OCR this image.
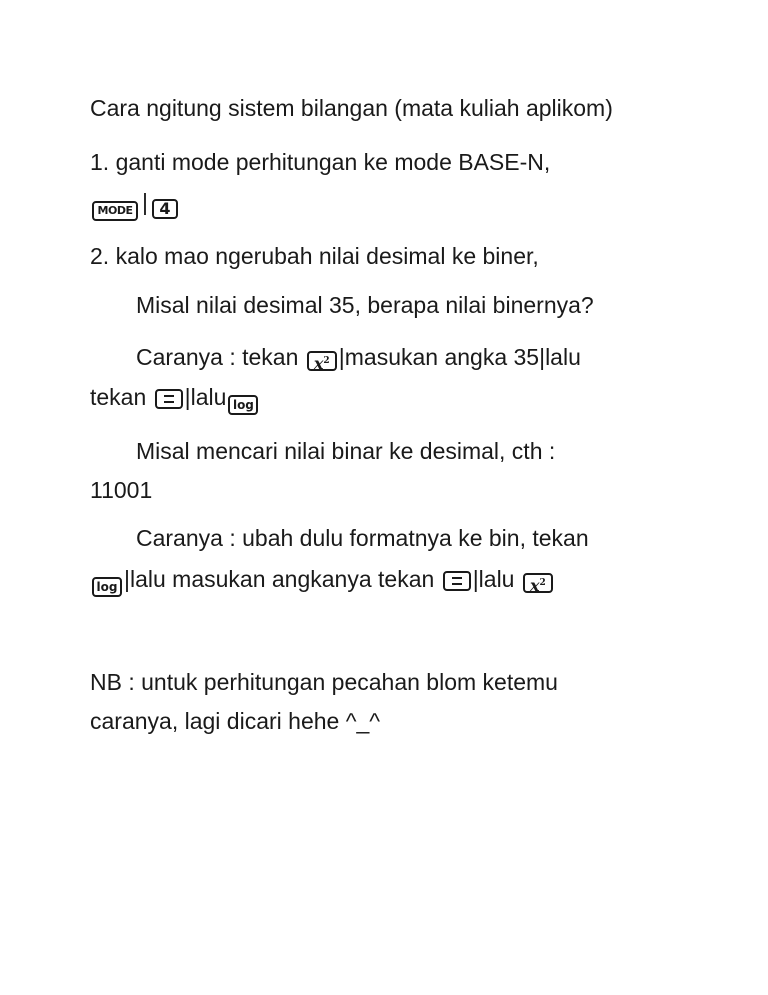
Cara ngitung sistem bilangan (mata kuliah aplikom)
1. ganti mode perhitungan ke mode BASE-N,
MODE | 4
2. kalo mao ngerubah nilai desimal ke biner,
Misal nilai desimal 35, berapa nilai binernya?
Caranya : tekan $x^2$ |masukan angka 35|lalu
tekan |lalu log
Misal mencari nilai binar ke desimal, cth :
11001
Caranya : ubah dulu formatnya ke bin, tekan
log |lalu masukan angkanya tekan |lalu $x^2$
NB : untuk perhitungan pecahan blom ketemu
caranya, lagi dicari hehe ^_^
